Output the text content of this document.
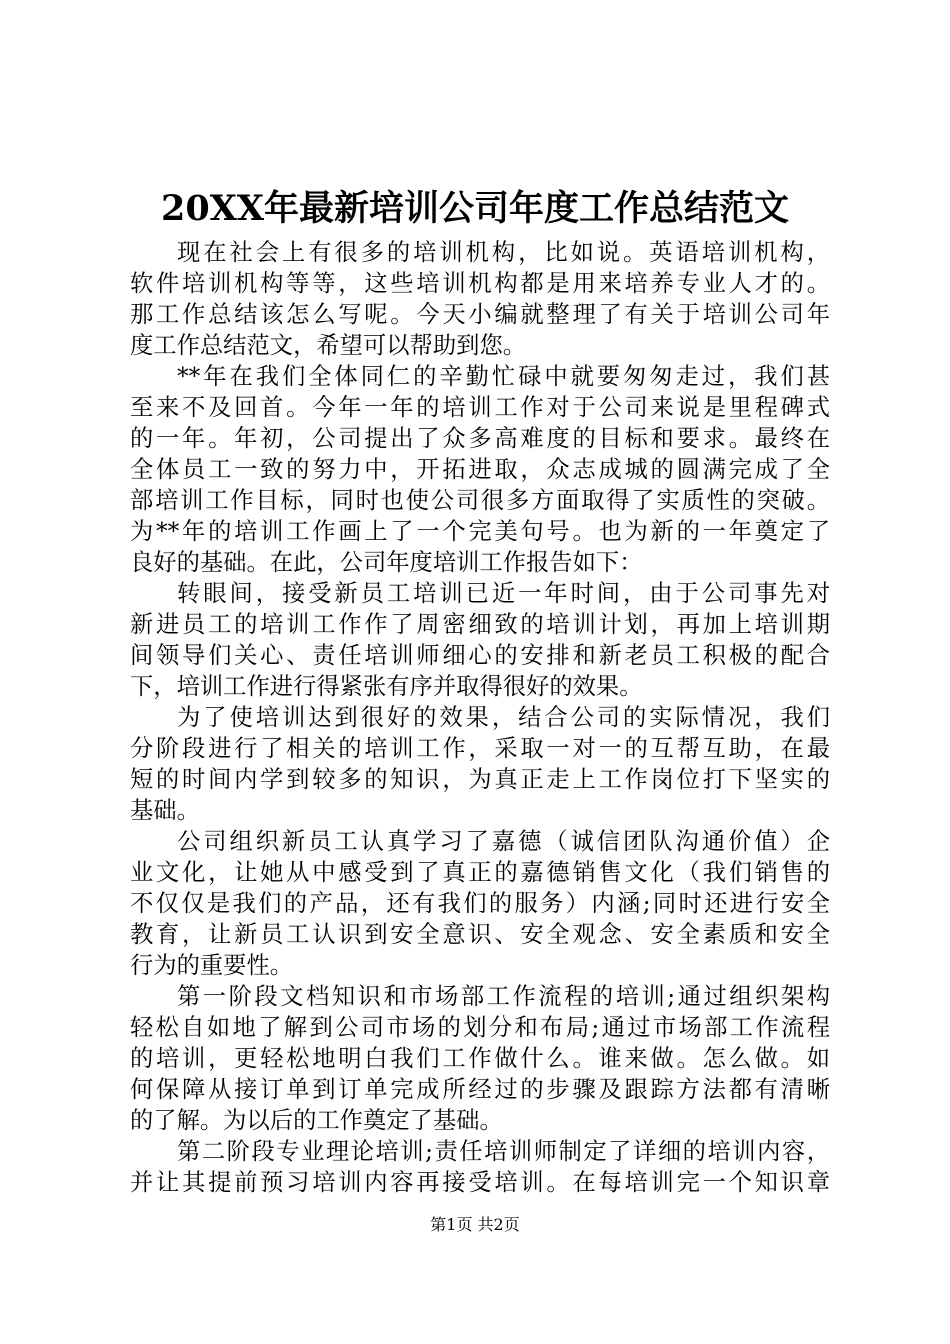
20XX年最新培训公司年度工作总结范文
现在社会上有很多的培训机构，比如说。英语培训机构，
软件培训机构等等，这些培训机构都是用来培养专业人才的。
那工作总结该怎么写呢。今天小编就整理了有关于培训公司年
度工作总结范文，希望可以帮助到您。
**年在我们全体同仁的辛勤忙碌中就要匆匆走过，我们甚
至来不及回首。今年一年的培训工作对于公司来说是里程碑式
的一年。年初，公司提出了众多高难度的目标和要求。最终在
全体员工一致的努力中，开拓进取，众志成城的圆满完成了全
部培训工作目标，同时也使公司很多方面取得了实质性的突破。
为**年的培训工作画上了一个完美句号。也为新的一年奠定了
良好的基础。在此，公司年度培训工作报告如下：
转眼间，接受新员工培训已近一年时间，由于公司事先对
新进员工的培训工作作了周密细致的培训计划，再加上培训期
间领导们关心、责任培训师细心的安排和新老员工积极的配合
下，培训工作进行得紧张有序并取得很好的效果。
为了使培训达到很好的效果，结合公司的实际情况，我们
分阶段进行了相关的培训工作，采取一对一的互帮互助，在最
短的时间内学到较多的知识，为真正走上工作岗位打下坚实的
基础。
公司组织新员工认真学习了嘉德（诚信团队沟通价值）企
业文化，让她从中感受到了真正的嘉德销售文化（我们销售的
不仅仅是我们的产品，还有我们的服务）内涵;同时还进行安全
教育，让新员工认识到安全意识、安全观念、安全素质和安全
行为的重要性。
第一阶段文档知识和市场部工作流程的培训;通过组织架构
轻松自如地了解到公司市场的划分和布局;通过市场部工作流程
的培训，更轻松地明白我们工作做什么。谁来做。怎么做。如
何保障从接订单到订单完成所经过的步骤及跟踪方法都有清晰
的了解。为以后的工作奠定了基础。
第二阶段专业理论培训;责任培训师制定了详细的培训内容，
并让其提前预习培训内容再接受培训。在每培训完一个知识章
第1页 共2页
